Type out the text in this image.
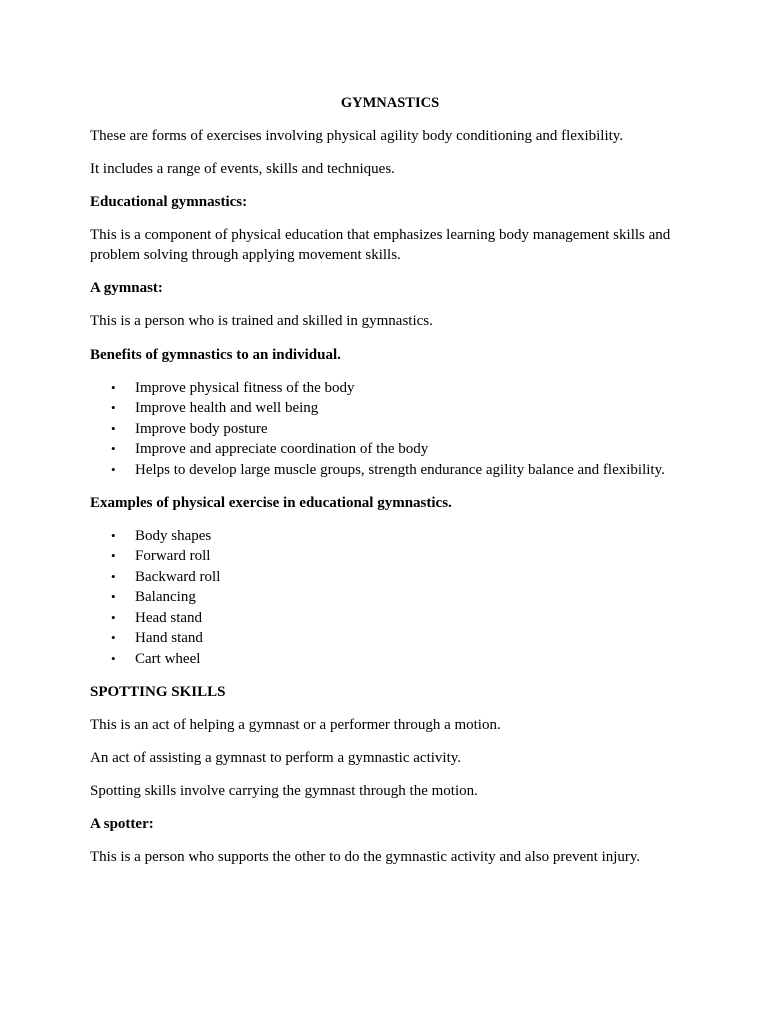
GYMNASTICS

These are forms of exercises involving physical agility body conditioning and flexibility.

It includes a range of events, skills and techniques.

Educational gymnastics:

This is a component of physical education that emphasizes learning body management skills and problem solving through applying movement skills.

A gymnast:

This is a person who is trained and skilled in gymnastics.

Benefits of gymnastics to an individual.

• Improve physical fitness of the body
• Improve health and well being
• Improve body posture
• Improve and appreciate coordination of the body
• Helps to develop large muscle groups, strength endurance agility balance and flexibility.

Examples of physical exercise in educational gymnastics.

• Body shapes
• Forward roll
• Backward roll
• Balancing
• Head stand
• Hand stand
• Cart wheel

SPOTTING SKILLS

This is an act of helping a gymnast or a performer through a motion.

An act of assisting a gymnast to perform a gymnastic activity.

Spotting skills involve carrying the gymnast through the motion.

A spotter:

This is a person who supports the other to do the gymnastic activity and also prevent injury.
